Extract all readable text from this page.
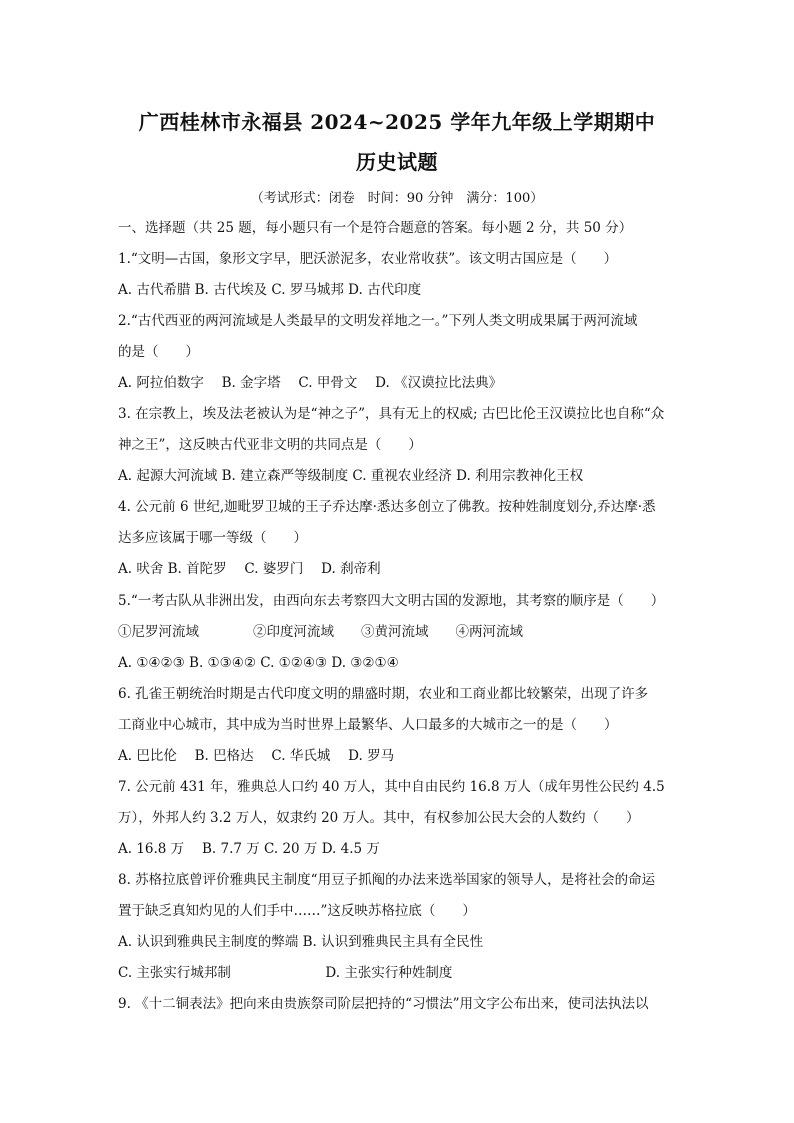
广西桂林市永福县 2024~2025 学年九年级上学期期中
历史试题
（考试形式：闭卷　时间：90 分钟　满分：100）
一、选择题（共 25 题，每小题只有一个是符合题意的答案。每小题 2 分，共 50 分）
1.“文明—古国，象形文字早，肥沃淤泥多，农业常收获”。该文明古国应是（　　）
A. 古代希腊 B. 古代埃及 C. 罗马城邦 D. 古代印度
2.“古代西亚的两河流域是人类最早的文明发祥地之一。”下列人类文明成果属于两河流域
的是（　　）
A. 阿拉伯数字　 B. 金字塔　 C. 甲骨文　 D. 《汉谟拉比法典》
3. 在宗教上，埃及法老被认为是“神之子”，具有无上的权威; 古巴比伦王汉谟拉比也自称“众
神之王”，这反映古代亚非文明的共同点是（　　）
A. 起源大河流域 B. 建立森严等级制度 C. 重视农业经济 D. 利用宗教神化王权
4. 公元前 6 世纪,迦毗罗卫城的王子乔达摩·悉达多创立了佛教。按种姓制度划分,乔达摩·悉
达多应该属于哪一等级（　　）
A. 吠舍 B. 首陀罗　 C. 婆罗门　 D. 刹帝利
5.“一考古队从非洲出发，由西向东去考察四大文明古国的发源地，其考察的顺序是（　　）
①尼罗河流域　　　　②印度河流域　　③黄河流域　　④两河流域
A. ①④②③ B. ①③④② C. ①②④③ D. ③②①④
6. 孔雀王朝统治时期是古代印度文明的鼎盛时期，农业和工商业都比较繁荣，出现了许多
工商业中心城市，其中成为当时世界上最繁华、人口最多的大城市之一的是（　　）
A. 巴比伦　 B. 巴格达　 C. 华氏城　 D. 罗马
7. 公元前 431 年，雅典总人口约 40 万人，其中自由民约 16.8 万人（成年男性公民约 4.5
万），外邦人约 3.2 万人，奴隶约 20 万人。其中，有权参加公民大会的人数约（　　）
A. 16.8 万　 B. 7.7 万 C. 20 万 D. 4.5 万
8. 苏格拉底曾评价雅典民主制度“用豆子抓阄的办法来选举国家的领导人，是将社会的命运
置于缺乏真知灼见的人们手中……”这反映苏格拉底（　　）
A. 认识到雅典民主制度的弊端 B. 认识到雅典民主具有全民性
C. 主张实行城邦制　　　　　　　D. 主张实行种姓制度
9. 《十二铜表法》把向来由贵族祭司阶层把持的“习惯法”用文字公布出来，使司法执法以
